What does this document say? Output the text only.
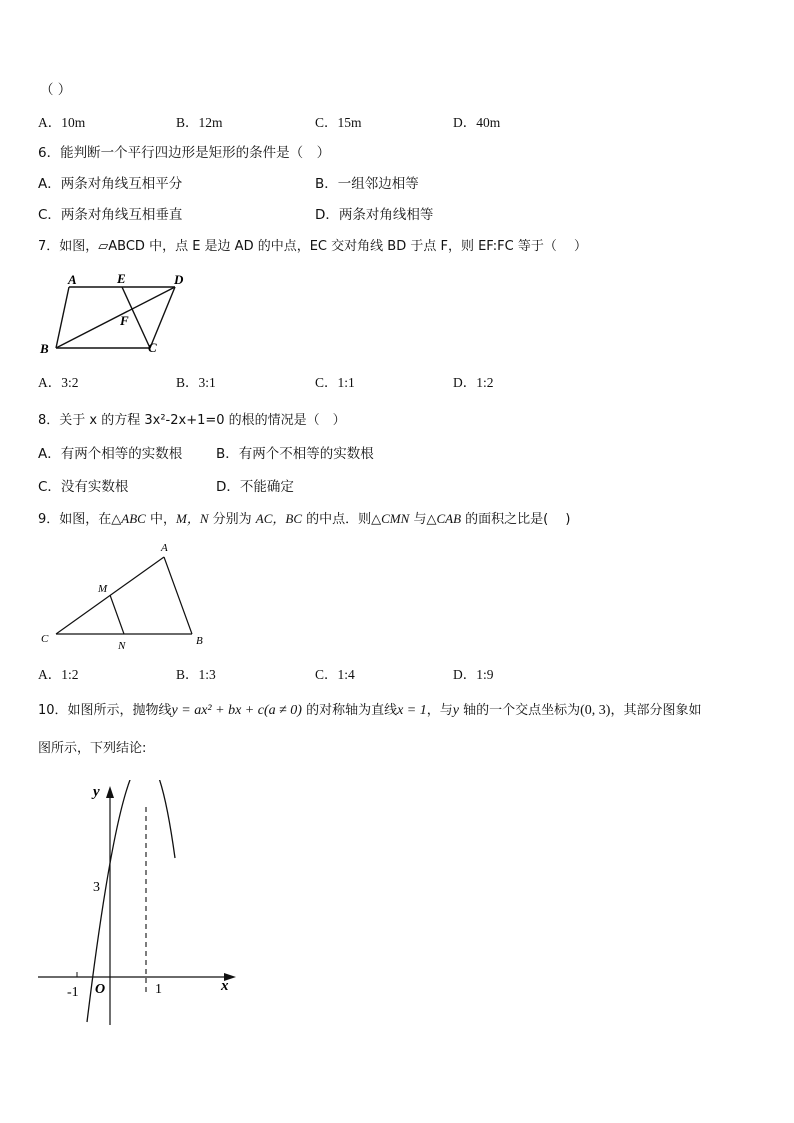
（ ）
A．10m	B．12m	C．15m	D．40m
6．能判断一个平行四边形是矩形的条件是（　）
A．两条对角线互相平分	B．一组邻边相等
C．两条对角线互相垂直	D．两条对角线相等
7．如图，▱ABCD 中，点 E 是边 AD 的中点，EC 交对角线 BD 于点 F，则 EF:FC 等于（　 ）
A	E	D
F
B	C
A．3:2	B．3:1	C．1:1	D．1:2
8．关于 x 的方程 3x²-2x+1=0 的根的情况是（　）
A．有两个相等的实数根	B．有两个不相等的实数根
C．没有实数根	D．不能确定
9．如图，在△ABC 中，M，N 分别为 AC，BC 的中点．则△CMN 与△CAB 的面积之比是(　 )
A
M
C
N	B
A．1:2	B．1:3	C．1:4	D．1:9
10．如图所示，抛物线y = ax² + bx + c(a ≠ 0) 的对称轴为直线x = 1，与y 轴的一个交点坐标为(0, 3)，其部分图象如
图所示，下列结论:
y
x
3
-1 O	1
